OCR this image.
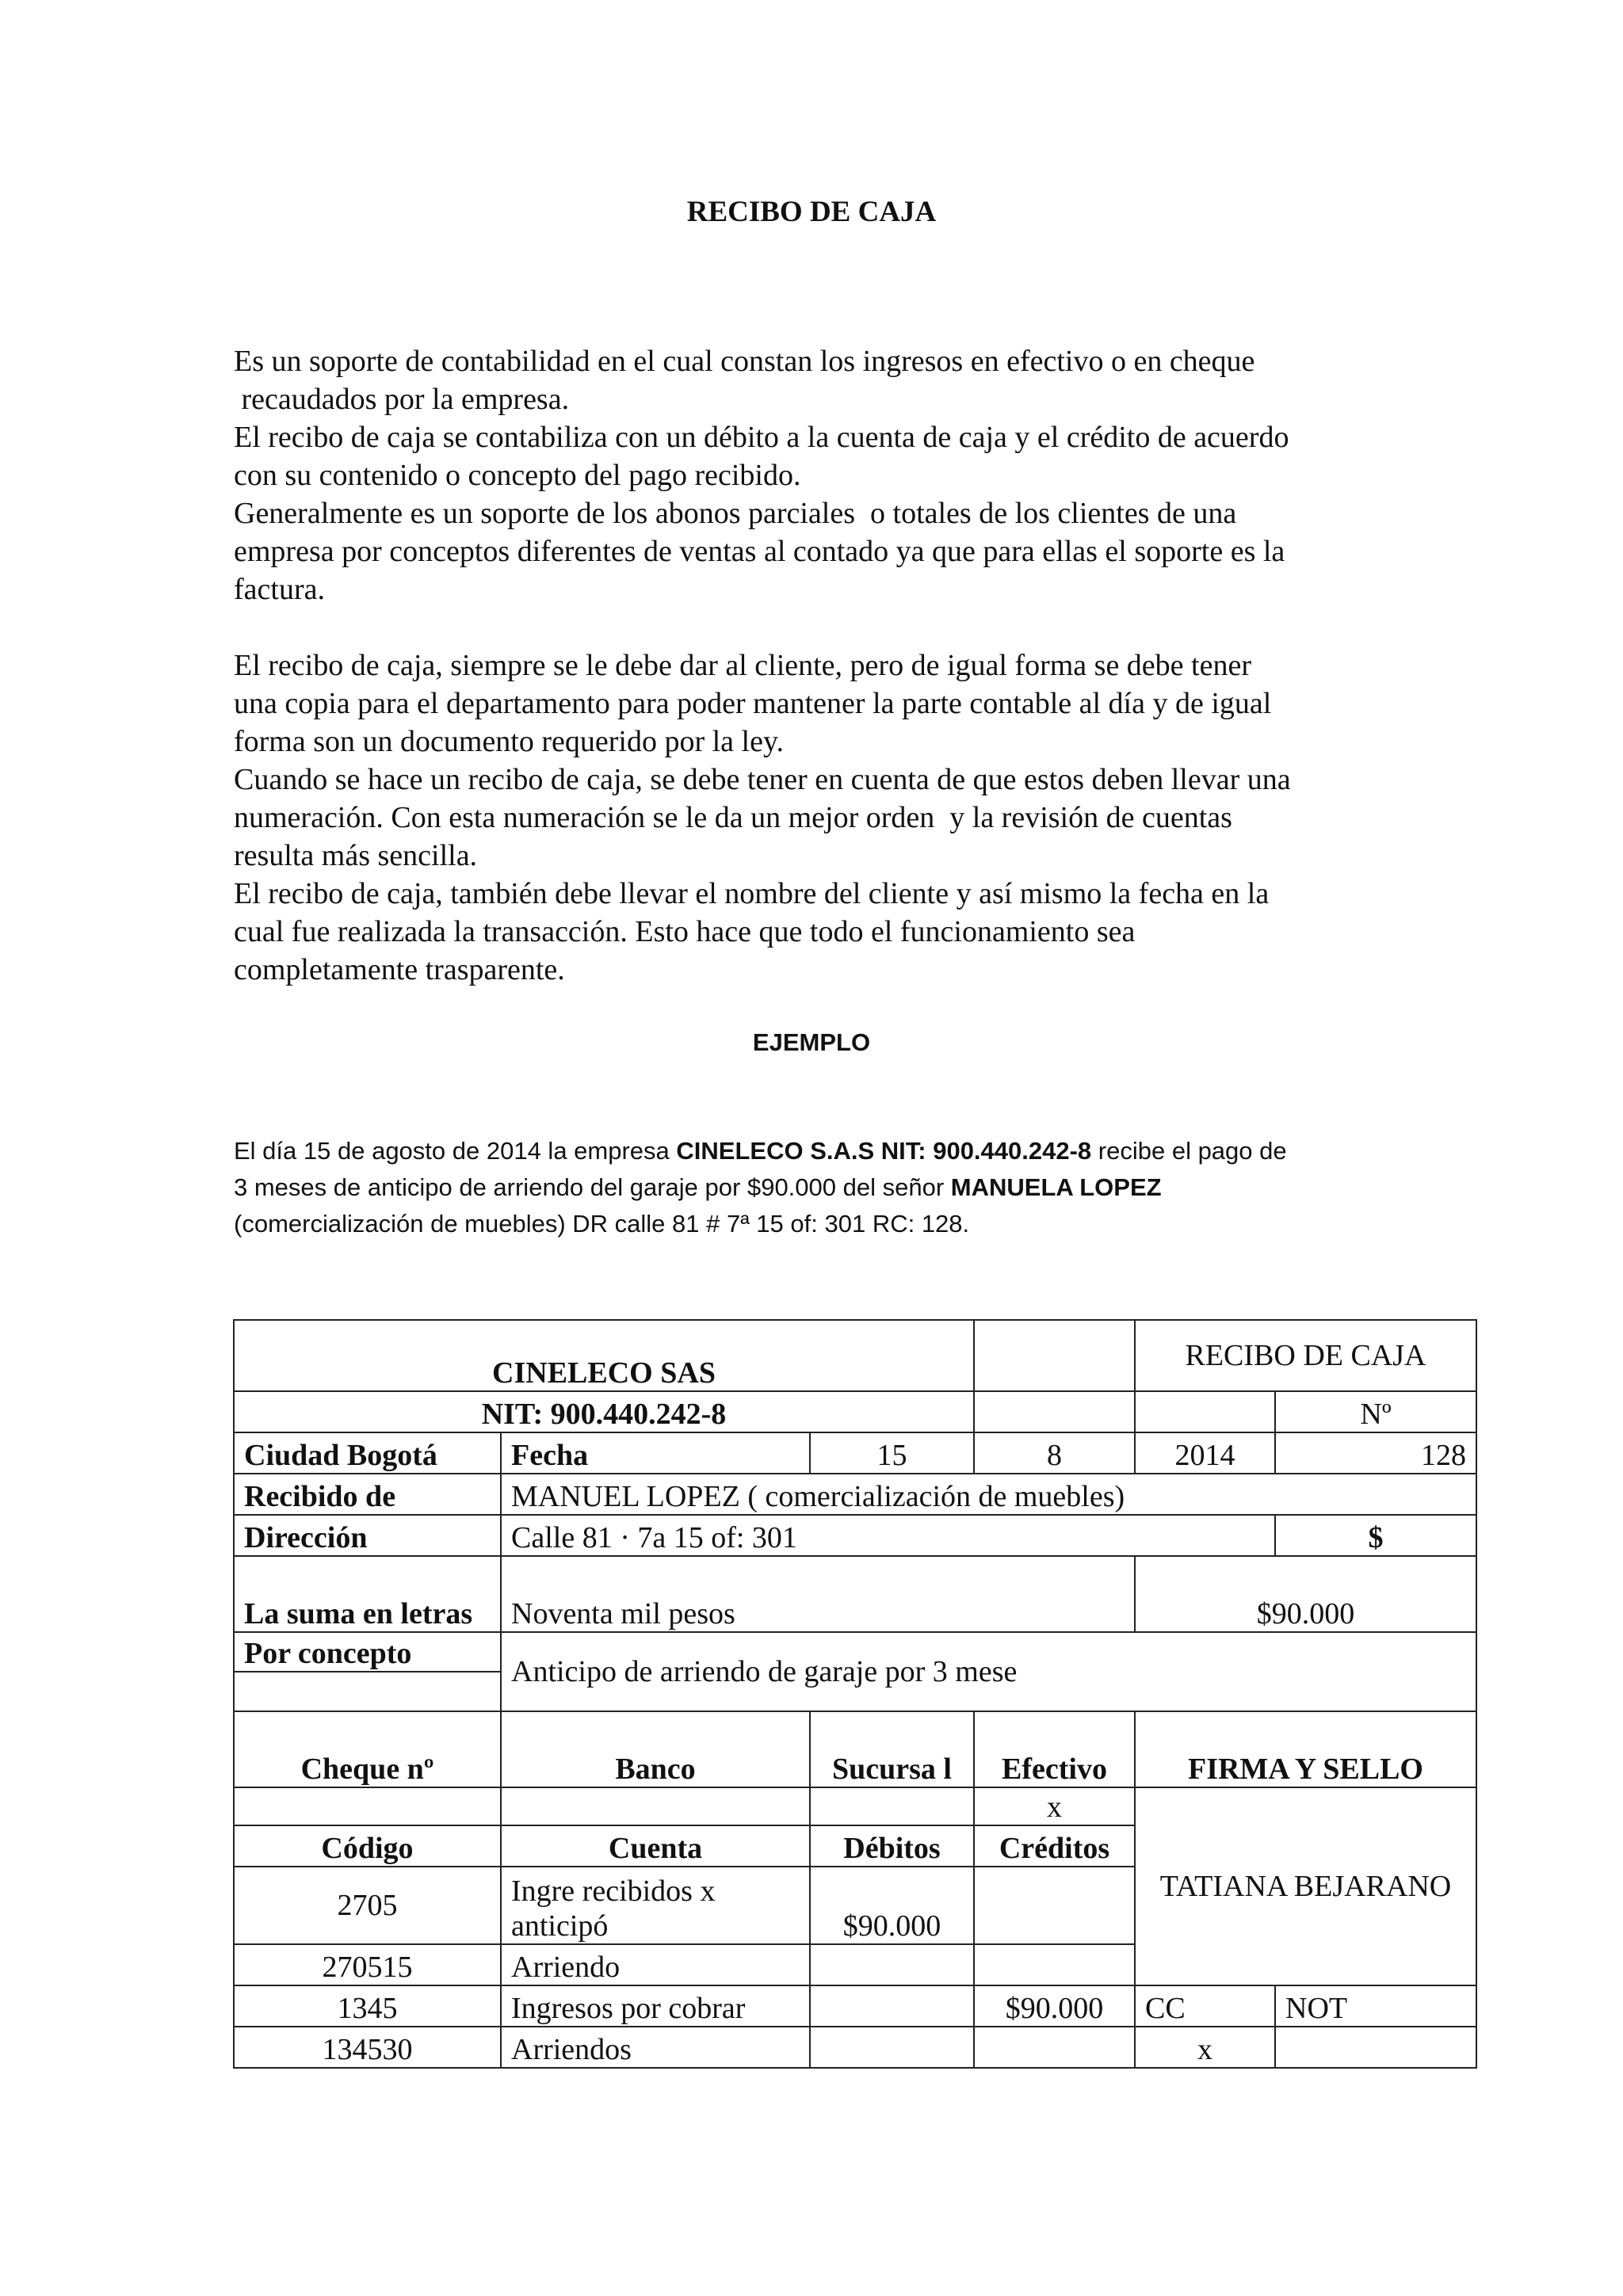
RECIBO DE CAJA

Es un soporte de contabilidad en el cual constan los ingresos en efectivo o en cheque

recaudados por la empresa.

El recibo de caja se contabiliza con un débito a la cuenta de caja y el crédito de acuerdo

con su contenido o concepto del pago recibido.

Generalmente es un soporte de los abonos parciales  o totales de los clientes de una

empresa por conceptos diferentes de ventas al contado ya que para ellas el soporte es la

factura.

El recibo de caja, siempre se le debe dar al cliente, pero de igual forma se debe tener

una copia para el departamento para poder mantener la parte contable al día y de igual

forma son un documento requerido por la ley.

Cuando se hace un recibo de caja, se debe tener en cuenta de que estos deben llevar una

numeración. Con esta numeración se le da un mejor orden  y la revisión de cuentas

resulta más sencilla.

El recibo de caja, también debe llevar el nombre del cliente y así mismo la fecha en la

cual fue realizada la transacción. Esto hace que todo el funcionamiento sea

completamente trasparente.

EJEMPLO

El día 15 de agosto de 2014 la empresa CINELECO S.A.S NIT: 900.440.242-8 recibe el pago de

3 meses de anticipo de arriendo del garaje por $90.000 del señor MANUELA LOPEZ

(comercialización de muebles) DR calle 81 # 7ª 15 of: 301 RC: 128.

CINELECO SAS				RECIBO DE CAJA	
NIT: 900.440.242-8					Nº
Ciudad Bogotá	Fecha	15	8	2014	128
Recibido de	MANUEL LOPEZ ( comercialización de muebles)				
Dirección	Calle 81 · 7a 15 of: 301				$
La suma en letras	Noventa mil pesos			$90.000	
Por concepto	Anticipo de arriendo de garaje por 3 mese				

Cheque nº	Banco	Sucursa l	Efectivo	FIRMA Y SELLO	
			x	TATIANA BEJARANO	
Código	Cuenta	Débitos	Créditos		
2705	Ingre recibidos x anticipó	$90.000			
270515	Arriendo				
1345	Ingresos por cobrar		$90.000	CC	NOT
134530	Arriendos			x	
